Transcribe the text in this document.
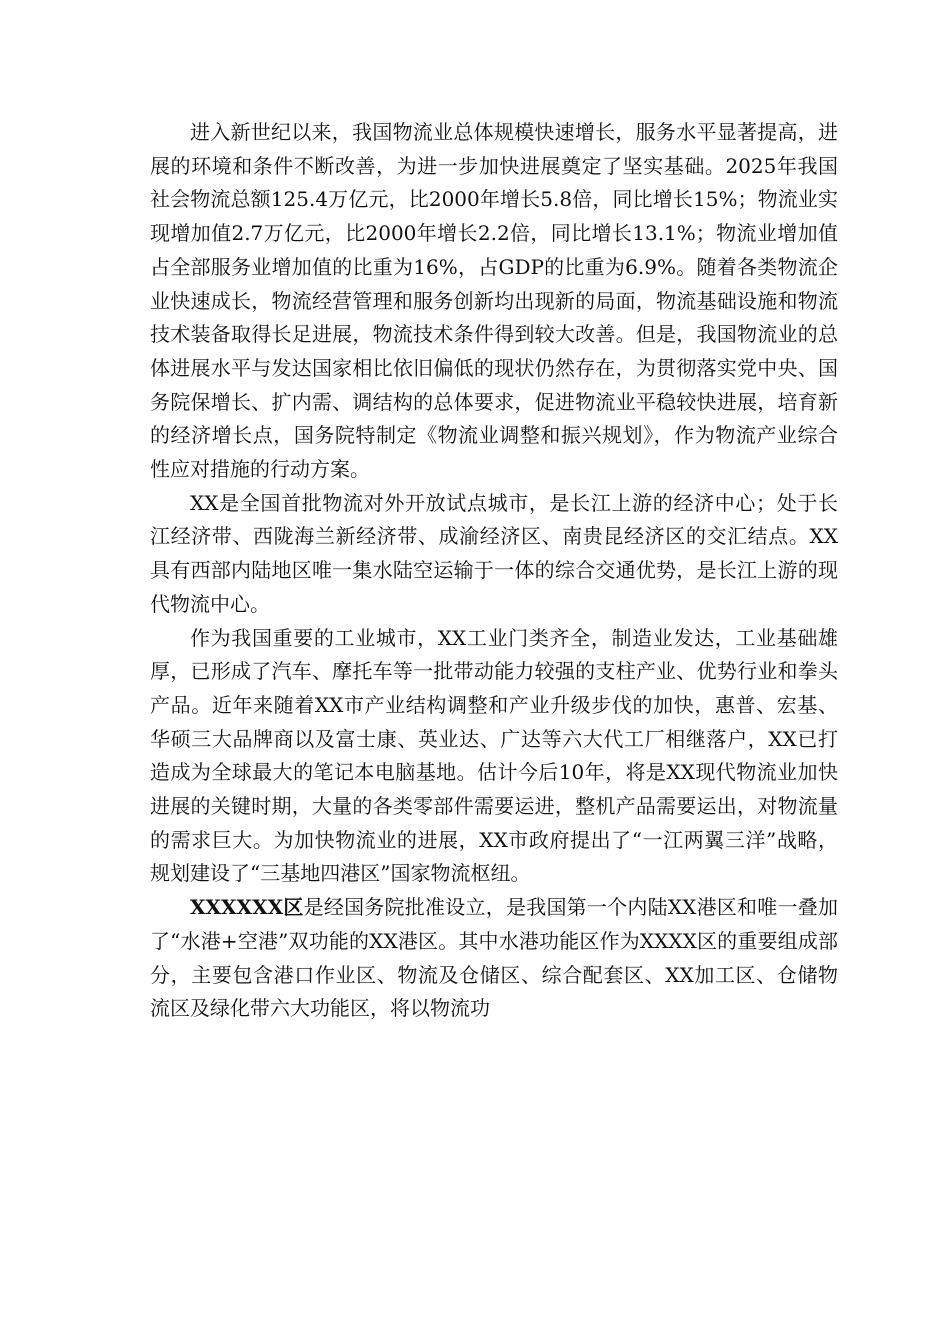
进入新世纪以来，我国物流业总体规模快速增长，服务水平显著提高，进展的环境和条件不断改善，为进一步加快进展奠定了坚实基础。2025年我国社会物流总额125.4万亿元，比2000年增长5.8倍，同比增长15%；物流业实现增加值2.7万亿元，比2000年增长2.2倍，同比增长13.1%；物流业增加值占全部服务业增加值的比重为16%，占GDP的比重为6.9%。随着各类物流企业快速成长，物流经营管理和服务创新均出现新的局面，物流基础设施和物流技术装备取得长足进展，物流技术条件得到较大改善。但是，我国物流业的总体进展水平与发达国家相比依旧偏低的现状仍然存在，为贯彻落实党中央、国务院保增长、扩内需、调结构的总体要求，促进物流业平稳较快进展，培育新的经济增长点，国务院特制定《物流业调整和振兴规划》，作为物流产业综合性应对措施的行动方案。

XX是全国首批物流对外开放试点城市，是长江上游的经济中心；处于长江经济带、西陇海兰新经济带、成渝经济区、南贵昆经济区的交汇结点。XX具有西部内陆地区唯一集水陆空运输于一体的综合交通优势，是长江上游的现代物流中心。

作为我国重要的工业城市，XX工业门类齐全，制造业发达，工业基础雄厚，已形成了汽车、摩托车等一批带动能力较强的支柱产业、优势行业和拳头产品。近年来随着XX市产业结构调整和产业升级步伐的加快，惠普、宏基、华硕三大品牌商以及富士康、英业达、广达等六大代工厂相继落户，XX已打造成为全球最大的笔记本电脑基地。估计今后10年，将是XX现代物流业加快进展的关键时期，大量的各类零部件需要运进，整机产品需要运出，对物流量的需求巨大。为加快物流业的进展，XX市政府提出了“一江两翼三洋”战略，规划建设了“三基地四港区”国家物流枢纽。

XXXXXX区是经国务院批准设立，是我国第一个内陆XX港区和唯一叠加了“水港+空港”双功能的XX港区。其中水港功能区作为XXXX区的重要组成部分，主要包含港口作业区、物流及仓储区、综合配套区、XX加工区、仓储物流区及绿化带六大功能区，将以物流功
